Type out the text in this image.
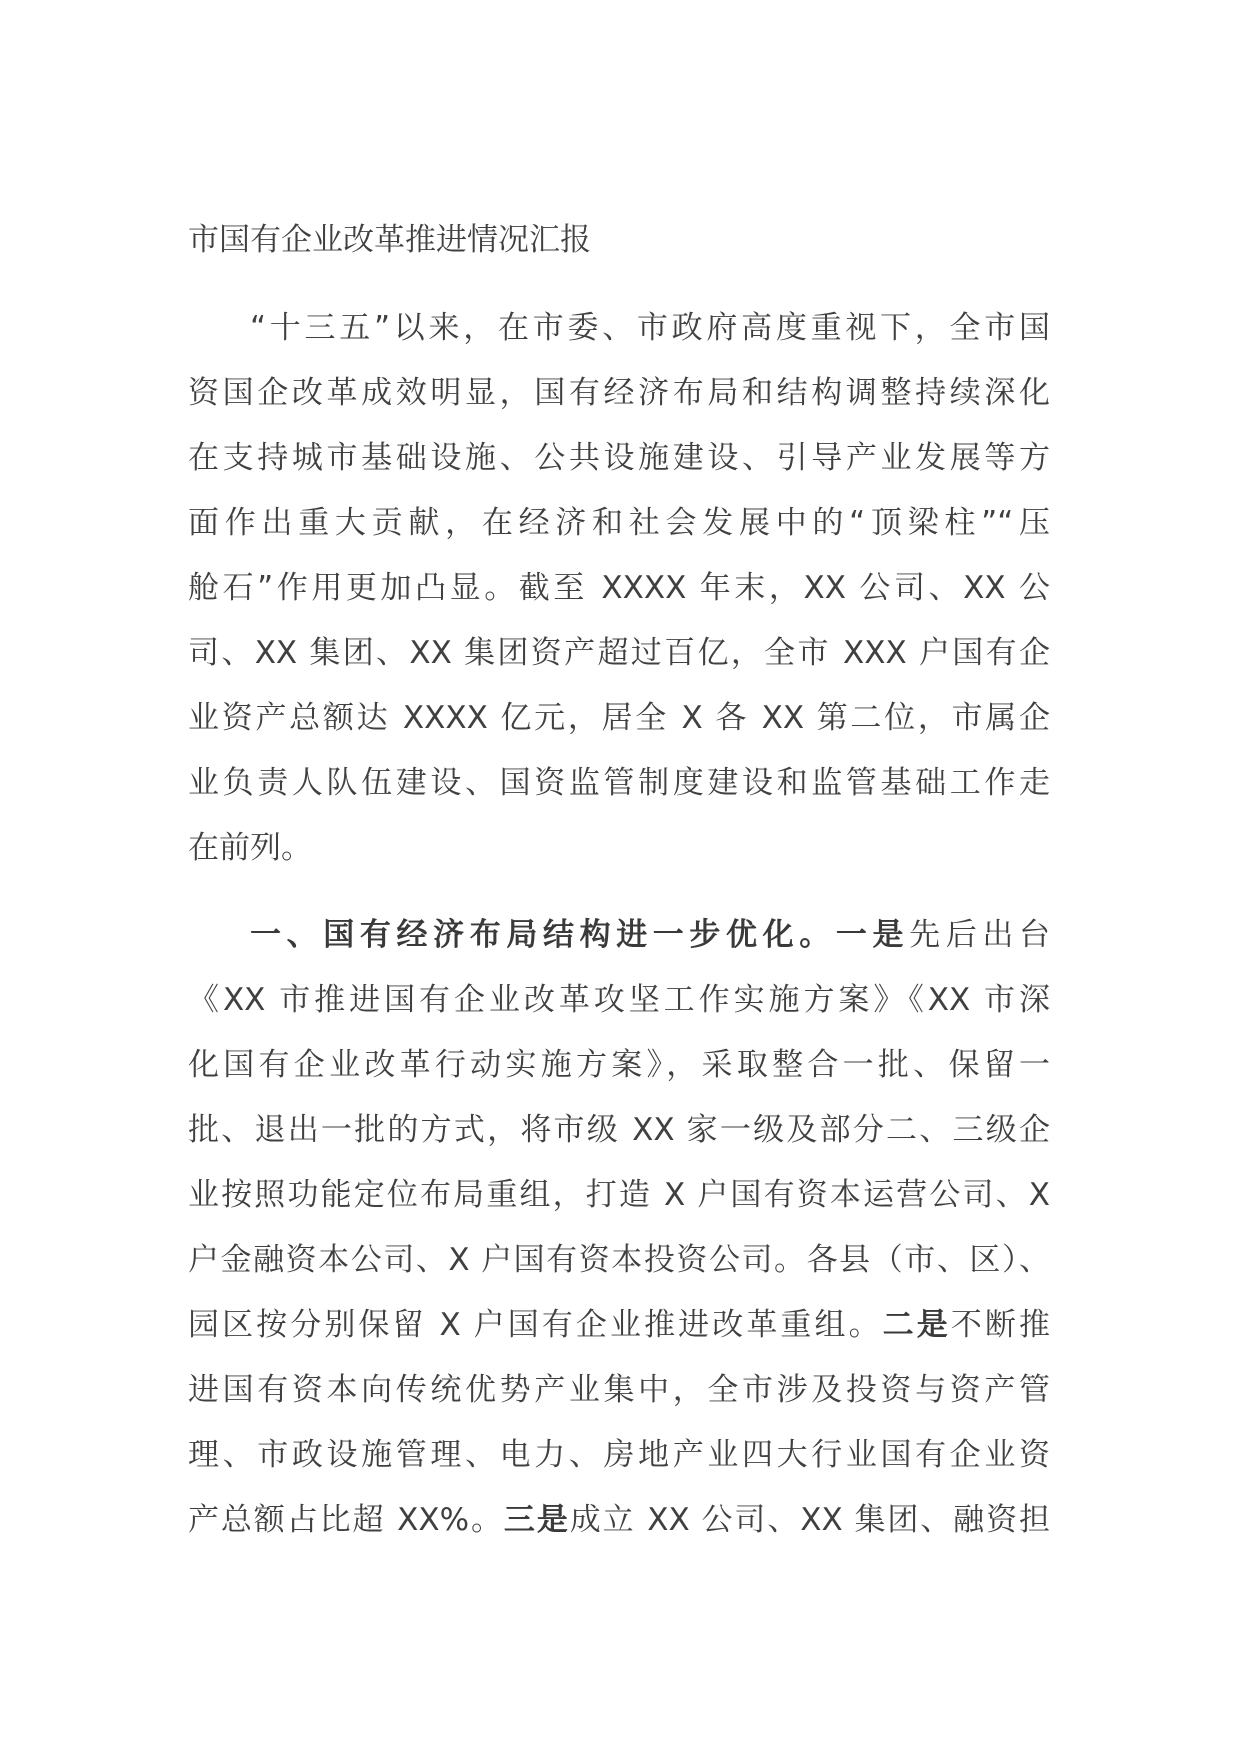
市国有企业改革推进情况汇报
“十三五”以来，在市委、市政府高度重视下，全市国
资国企改革成效明显，国有经济布局和结构调整持续深化
在支持城市基础设施、公共设施建设、引导产业发展等方
面作出重大贡献，在经济和社会发展中的“顶梁柱”“压
舱石”作用更加凸显。截至 XXXX 年末，XX 公司、XX 公
司、XX 集团、XX 集团资产超过百亿，全市 XXX 户国有企
业资产总额达 XXXX 亿元，居全 X 各 XX 第二位，市属企
业负责人队伍建设、国资监管制度建设和监管基础工作走
在前列。
一、国有经济布局结构进一步优化。一是先后出台
《XX 市推进国有企业改革攻坚工作实施方案》《XX 市深
化国有企业改革行动实施方案》，采取整合一批、保留一
批、退出一批的方式，将市级 XX 家一级及部分二、三级企
业按照功能定位布局重组，打造 X 户国有资本运营公司、X
户金融资本公司、X 户国有资本投资公司。各县（市、区）、
园区按分别保留 X 户国有企业推进改革重组。二是不断推
进国有资本向传统优势产业集中，全市涉及投资与资产管
理、市政设施管理、电力、房地产业四大行业国有企业资
产总额占比超 XX%。三是成立 XX 公司、XX 集团、融资担
